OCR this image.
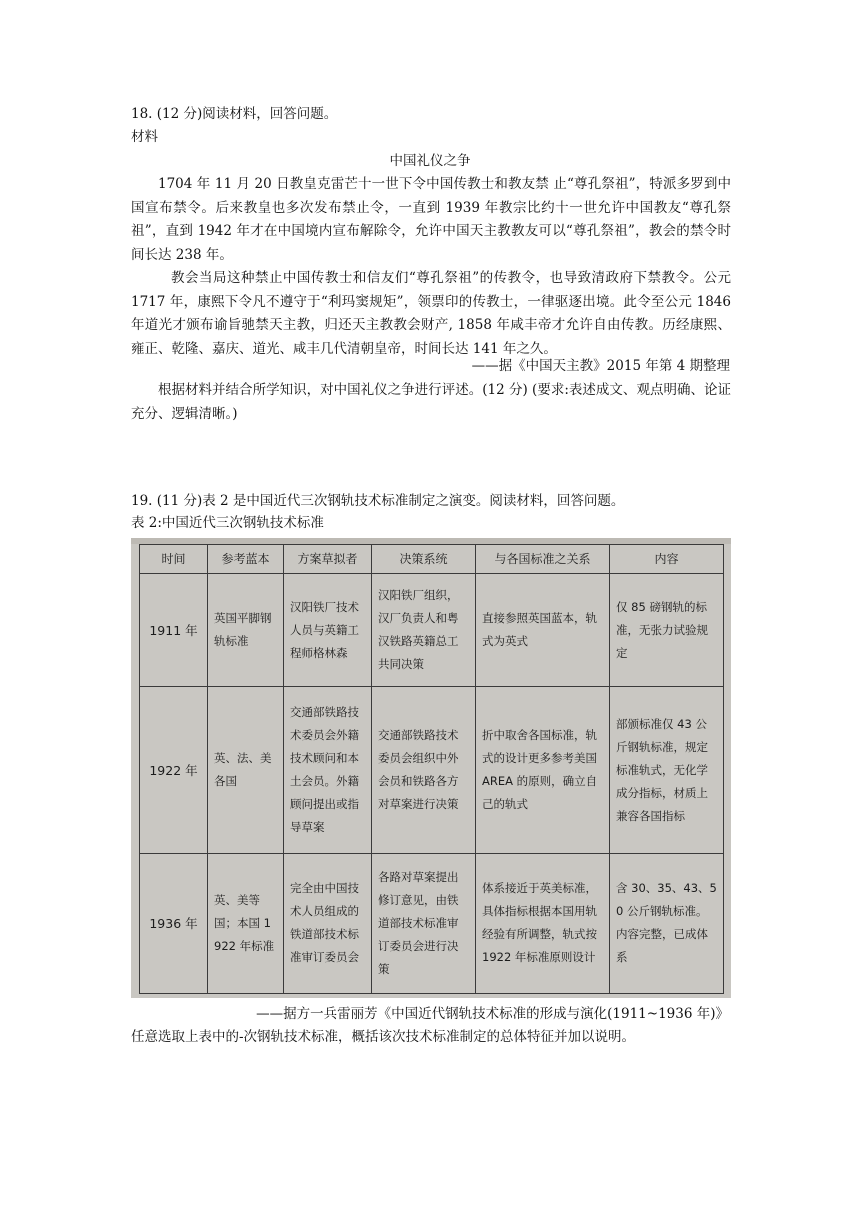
18. (12 分)阅读材料，回答问题。
材料
中国礼仪之争
1704 年 11 月 20 日教皇克雷芒十一世下令中国传教士和教友禁 止“尊孔祭祖”，特派多罗到中国宣布禁令。后来教皇也多次发布禁止令，一直到 1939 年教宗比约十一世允许中国教友“尊孔祭祖”，直到 1942 年才在中国境内宣布解除令，允许中国天主教教友可以“尊孔祭祖”，教会的禁令时间长达 238 年。
教会当局这种禁止中国传教士和信友们“尊孔祭祖”的传教令，也导致清政府下禁教令。公元 1717 年，康熙下令凡不遵守于“利玛窦规矩”，领票印的传教士，一律驱逐出境。此令至公元 1846 年道光才颁布谕旨驰禁天主教，归还天主教教会财产, 1858 年咸丰帝才允许自由传教。历经康熙、雍正、乾隆、嘉庆、道光、咸丰几代清朝皇帝，时间长达 141 年之久。
——据《中国天主教》2015 年第 4 期整理
根据材料并结合所学知识，对中国礼仪之争进行评述。(12 分) (要求:表述成文、观点明确、论证充分、逻辑清晰。)
19. (11 分)表 2 是中国近代三次钢轨技术标准制定之演变。阅读材料，回答问题。
表 2:中国近代三次钢轨技术标准
时间	参考蓝本	方案草拟者	决策系统	与各国标准之关系	内容
1911 年	英国平脚钢轨标准	汉阳铁厂技术人员与英籍工程师格林森	汉阳铁厂组织，汉厂负责人和粤汉铁路英籍总工共同决策	直接参照英国蓝本，轨式为英式	仅 85 磅钢轨的标准，无张力试验规定
1922 年	英、法、美各国	交通部铁路技术委员会外籍技术顾问和本土会员。外籍顾问提出或指导草案	交通部铁路技术委员会组织中外会员和铁路各方对草案进行决策	折中取舍各国标准，轨式的设计更多参考美国 AREA 的原则，确立自己的轨式	部颁标准仅 43 公斤钢轨标准，规定标准轨式，无化学成分指标，材质上兼容各国指标
1936 年	英、美等国；本国 1922 年标准	完全由中国技术人员组成的铁道部技术标准审订委员会	各路对草案提出修订意见，由铁道部技术标准审订委员会进行决策	体系接近于英美标准，具体指标根据本国用轨经验有所调整，轨式按 1922 年标准原则设计	含 30、35、43、50 公斤钢轨标准。内容完整，已成体系
——据方一兵雷丽芳《中国近代钢轨技术标准的形成与演化(1911~1936 年)》
任意选取上表中的-次钢轨技术标准，概括该次技术标准制定的总体特征并加以说明。
